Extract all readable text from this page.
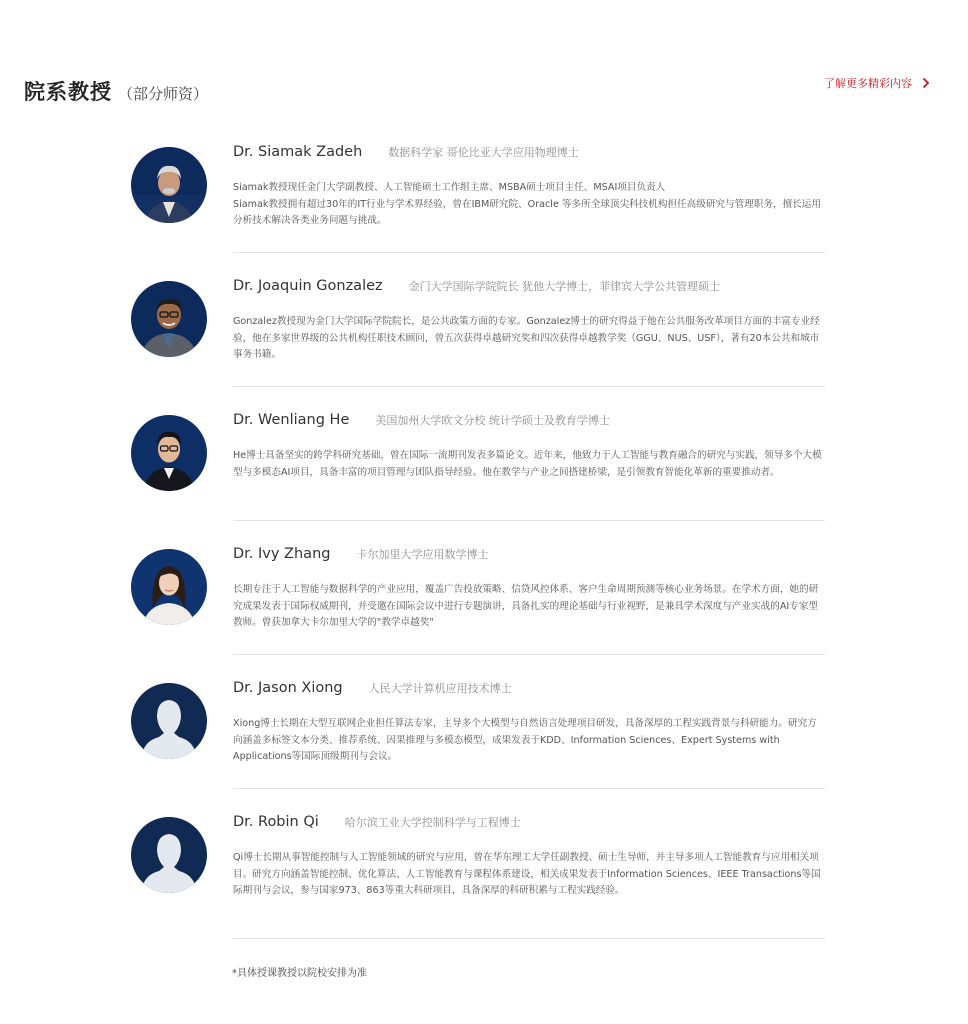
院系教授 （部分师资）
了解更多精彩内容
Dr. Siamak Zadeh 数据科学家 哥伦比亚大学应用物理博士
Siamak教授现任金门大学副教授、人工智能硕士工作组主席、MSBA硕士项目主任、MSAI项目负责人
Siamak教授拥有超过30年的IT行业与学术界经验，曾在IBM研究院、Oracle 等多所全球顶尖科技机构担任高级研究与管理职务，擅长运用分析技术解决各类业务问题与挑战。
Dr. Joaquin Gonzalez 金门大学国际学院院长 犹他大学博士，菲律宾大学公共管理硕士
Gonzalez教授现为金门大学国际学院院长，是公共政策方面的专家。Gonzalez博士的研究得益于他在公共服务改革项目方面的丰富专业经验，他在多家世界级的公共机构任职技术顾问，曾五次获得卓越研究奖和四次获得卓越教学奖（GGU、NUS、USF），著有20本公共和城市事务书籍。
Dr. Wenliang He 美国加州大学欧文分校 统计学硕士及教育学博士
He博士具备坚实的跨学科研究基础，曾在国际一流期刊发表多篇论文。近年来，他致力于人工智能与教育融合的研究与实践，领导多个大模型与多模态AI项目，具备丰富的项目管理与团队指导经验。他在教学与产业之间搭建桥梁，是引领教育智能化革新的重要推动者。
Dr. Ivy Zhang 卡尔加里大学应用数学博士
长期专注于人工智能与数据科学的产业应用，覆盖广告投放策略、信贷风控体系、客户生命周期预测等核心业务场景。在学术方面，她的研究成果发表于国际权威期刊，并受邀在国际会议中进行专题演讲，具备扎实的理论基础与行业视野，是兼具学术深度与产业实战的AI专家型教师。曾获加拿大卡尔加里大学的"教学卓越奖"
Dr. Jason Xiong 人民大学计算机应用技术博士
Xiong博士长期在大型互联网企业担任算法专家，主导多个大模型与自然语言处理项目研发，具备深厚的工程实践背景与科研能力。研究方向涵盖多标签文本分类、推荐系统、因果推理与多模态模型，成果发表于KDD、Information Sciences、Expert Systems with Applications等国际顶级期刊与会议。
Dr. Robin Qi 哈尔滨工业大学控制科学与工程博士
Qi博士长期从事智能控制与人工智能领域的研究与应用，曾在华东理工大学任副教授、硕士生导师，并主导多项人工智能教育与应用相关项目。研究方向涵盖智能控制、优化算法、人工智能教育与课程体系建设，相关成果发表于Information Sciences、IEEE Transactions等国际期刊与会议，参与国家973、863等重大科研项目，具备深厚的科研积累与工程实践经验。
*具体授课教授以院校安排为准
